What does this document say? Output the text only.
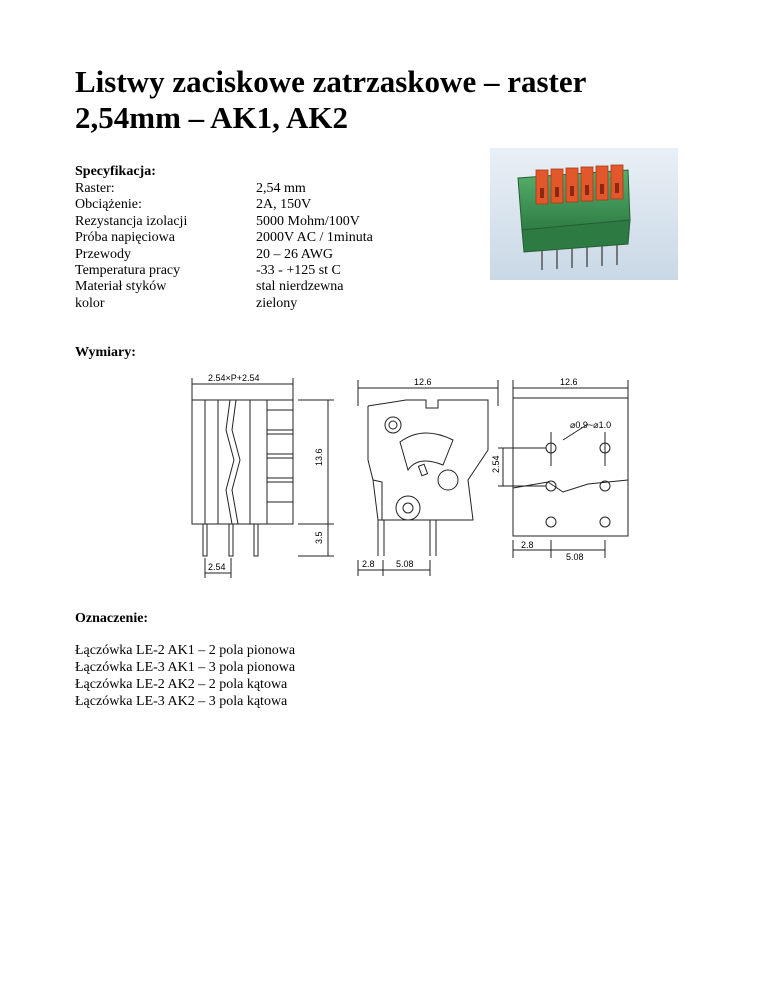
Listwy zaciskowe zatrzaskowe – raster
2,54mm – AK1, AK2
Specyfikacja:
Raster:	2,54 mm
Obciążenie:	2A, 150V
Rezystancja izolacji	5000 Mohm/100V
Próba napięciowa	2000V AC / 1minuta
Przewody	20 – 26 AWG
Temperatura pracy	-33 - +125 st C
Materiał styków	stal nierdzewna
kolor	zielony
Wymiary:
2.54×P+2.54
13.6
3.5
2.54
12.6
2.8 5.08
12.6
⌀0.9~⌀1.0
2.54
2.8
5.08
Oznaczenie:
Łączówka LE-2 AK1 – 2 pola pionowa
Łączówka LE-3 AK1 – 3 pola pionowa
Łączówka LE-2 AK2 – 2 pola kątowa
Łączówka LE-3 AK2 – 3 pola kątowa
